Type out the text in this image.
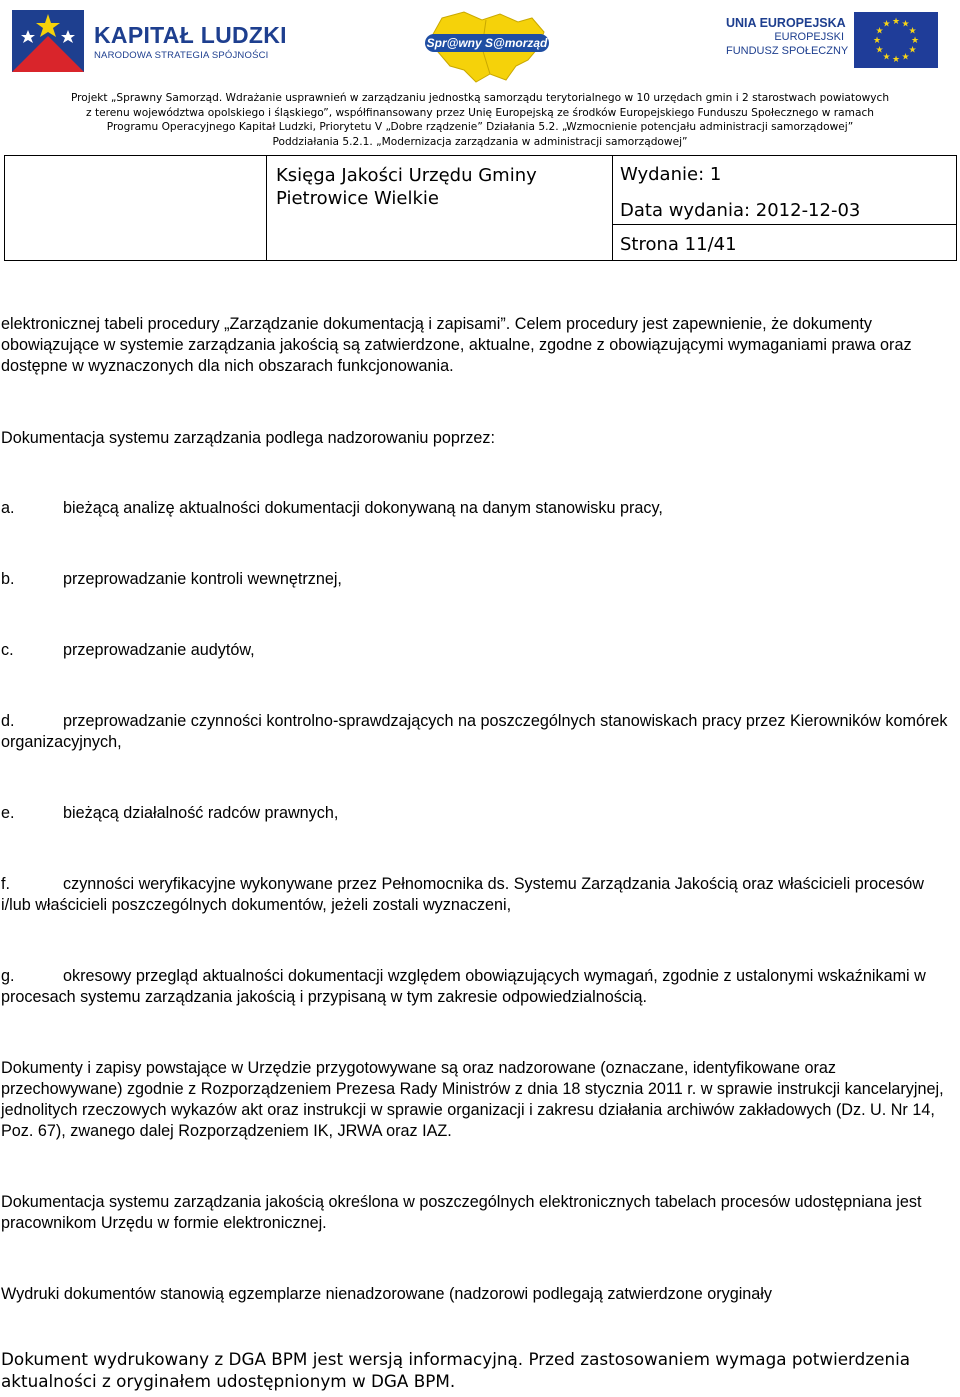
KAPITAŁ LUDZKI
NARODOWA STRATEGIA SPÓJNOŚCI
Spr@wny S@morząd
UNIA EUROPEJSKA
EUROPEJSKI
FUNDUSZ SPOŁECZNY
★ ★
★
★
★
★
★
★
★
★
★
★
Projekt „Sprawny Samorząd. Wdrażanie usprawnień w zarządzaniu jednostką samorządu terytorialnego w 10 urzędach gmin i 2 starostwach powiatowych
z terenu województwa opolskiego i śląskiego”, współfinansowany przez Unię Europejską ze środków Europejskiego Funduszu Społecznego w ramach
Programu Operacyjnego Kapitał Ludzki, Priorytetu V „Dobre rządzenie” Działania 5.2. „Wzmocnienie potencjału administracji samorządowej”
Poddziałania 5.2.1. „Modernizacja zarządzania w administracji samorządowej”
Księga Jakości Urzędu Gminy
Pietrowice Wielkie
Wydanie: 1
Data wydania: 2012-12-03
Strona 11/41
elektronicznej tabeli procedury „Zarządzanie dokumentacją i zapisami”. Celem procedury jest zapewnienie, że dokumenty obowiązujące w systemie zarządzania jakością są zatwierdzone, aktualne, zgodne z obowiązującymi wymaganiami prawa oraz dostępne w wyznaczonych dla nich obszarach funkcjonowania.
Dokumentacja systemu zarządzania podlega nadzorowaniu poprzez:
a.	bieżącą analizę aktualności dokumentacji dokonywaną na danym stanowisku pracy,
b.	przeprowadzanie kontroli wewnętrznej,
c.	przeprowadzanie audytów,
d.	przeprowadzanie czynności kontrolno-sprawdzających na poszczególnych stanowiskach pracy przez Kierowników komórek organizacyjnych,
e.	bieżącą działalność radców prawnych,
f.	czynności weryfikacyjne wykonywane przez Pełnomocnika ds. Systemu Zarządzania Jakością oraz właścicieli procesów i/lub właścicieli poszczególnych dokumentów, jeżeli zostali wyznaczeni,
g.	okresowy przegląd aktualności dokumentacji względem obowiązujących wymagań, zgodnie z ustalonymi wskaźnikami w procesach systemu zarządzania jakością i przypisaną w tym zakresie odpowiedzialnością.
Dokumenty i zapisy powstające w Urzędzie przygotowywane są oraz nadzorowane (oznaczane, identyfikowane oraz przechowywane) zgodnie z Rozporządzeniem Prezesa Rady Ministrów z dnia 18 stycznia 2011 r. w sprawie instrukcji kancelaryjnej, jednolitych rzeczowych wykazów akt oraz instrukcji w sprawie organizacji i zakresu działania archiwów zakładowych (Dz. U. Nr 14, Poz. 67), zwanego dalej Rozporządzeniem IK, JRWA oraz IAZ.
Dokumentacja systemu zarządzania jakością określona w poszczególnych elektronicznych tabelach procesów udostępniana jest pracownikom Urzędu w formie elektronicznej.
Wydruki dokumentów stanowią egzemplarze nienadzorowane (nadzorowi podlegają zatwierdzone oryginały
Dokument wydrukowany z DGA BPM jest wersją informacyjną. Przed zastosowaniem wymaga potwierdzenia aktualności z oryginałem udostępnionym w DGA BPM.
